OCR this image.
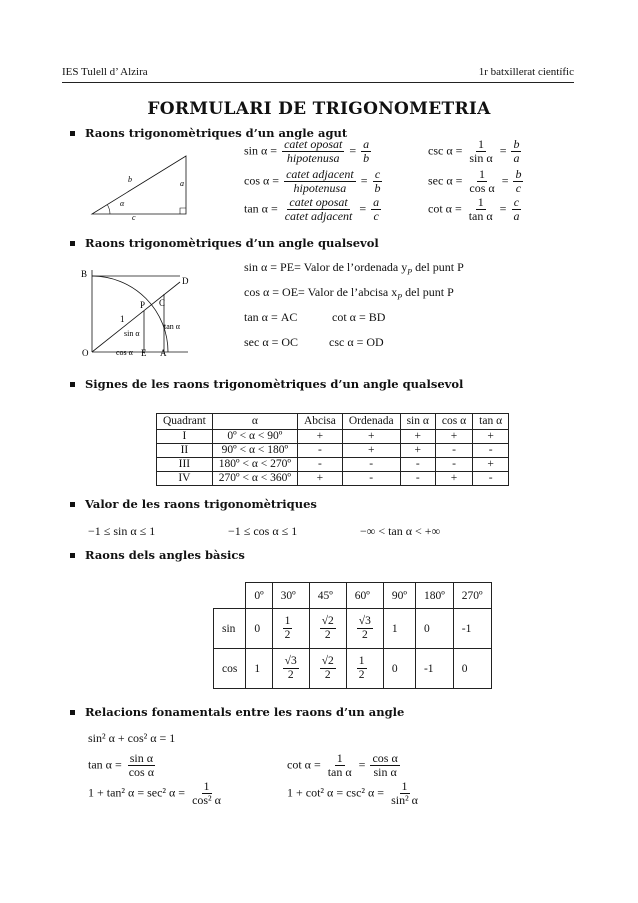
IES Tulell d’ Alzira	1r batxillerat científic
FORMULARI DE TRIGONOMETRIA
Raons trigonomètriques d’un angle agut
b	a
c
α
$\sin \alpha = \frac{\text{catet oposat}}{\text{hipotenusa}} = \frac{a}{b}$
$\cos \alpha = \frac{\text{catet adjacent}}{\text{hipotenusa}} = \frac{c}{b}$
$\tan \alpha = \frac{\text{catet oposat}}{\text{catet adjacent}} = \frac{a}{c}$
$\csc \alpha = \frac{1}{\text{sin α}} = \frac{b}{a}$
$\sec \alpha = \frac{1}{\text{cos α}} = \frac{b}{c}$
$\cot \alpha = \frac{1}{\text{tan α}} = \frac{c}{a}$
Raons trigonomètriques d’un angle qualsevol
B
D
P C
1
sin α
tan α
O	cos α E A
sin α = PE= Valor de l’ordenada $y_P$ del punt P
cos α = OE= Valor de l’abcisa $x_P$ del punt P
tan α = AC	cot α = BD
sec α = OC	csc α = OD
Signes de les raons trigonomètriques d’un angle qualsevol
Quadrant	α	Abcisa	Ordenada	sin α	cos α	tan α
I	0º < α < 90º	+	+	+	+	+
II	90º < α < 180º	-	+	+	-	-
III	180º < α < 270º	-	-	-	-	+
IV	270º < α < 360º	+	-	-	+	-
Valor de les raons trigonomètriques
−1 ≤ sin α ≤ 1	−1 ≤ cos α ≤ 1	−∞ < tan α < +∞
Raons dels angles bàsics
	0º	30º	45º	60º	90º	180º	270º
sin	0	$\frac{1}{2}$	$\frac{√2}{2}$	$\frac{√3}{2}$	1	0	-1
cos	1	$\frac{√3}{2}$	$\frac{√2}{2}$	$\frac{1}{2}$	0	-1	0
Relacions fonamentals entre les raons d’un angle
sin² α + cos² α = 1
$\tan \alpha = \frac{\text{sin α}}{\text{cos α}}$	$\cot \alpha = \frac{1}{\text{tan α}} = \frac{\text{cos α}}{\text{sin α}}$
1 + tan² α = sec² $\alpha = \frac{1}{\text{cos² α}}$	1 + cot² α = csc² $\alpha = \frac{1}{\text{sin² α}}$
